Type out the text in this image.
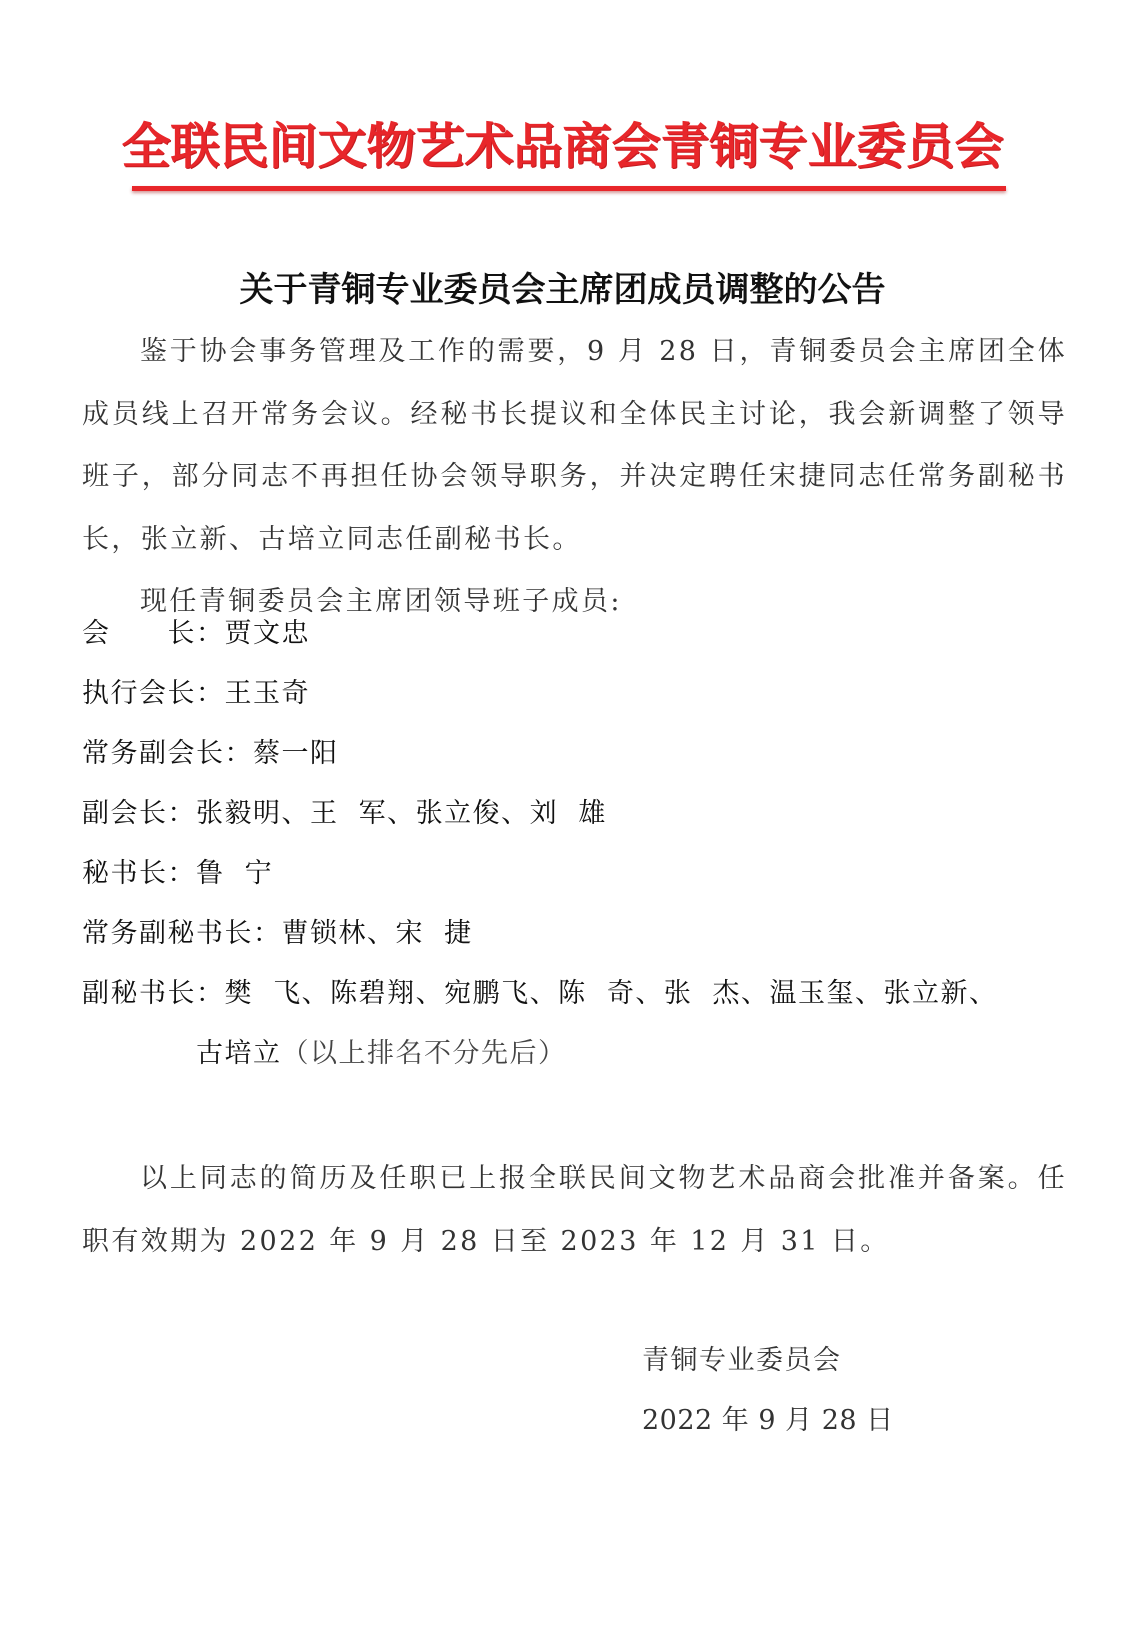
全联民间文物艺术品商会青铜专业委员会
关于青铜专业委员会主席团成员调整的公告
鉴于协会事务管理及工作的需要，9 月 28 日，青铜委员会主席团全体成员线上召开常务会议。经秘书长提议和全体民主讨论，我会新调整了领导班子，部分同志不再担任协会领导职务，并决定聘任宋捷同志任常务副秘书长，张立新、古培立同志任副秘书长。
现任青铜委员会主席团领导班子成员:
会　　长：贾文忠
执行会长：王玉奇
常务副会长：蔡一阳
副会长：张毅明、王  军、张立俊、刘  雄
秘书长：鲁  宁
常务副秘书长：曹锁林、宋  捷
副秘书长：樊  飞、陈碧翔、宛鹏飞、陈  奇、张  杰、温玉玺、张立新、
古培立（以上排名不分先后）
以上同志的简历及任职已上报全联民间文物艺术品商会批准并备案。任职有效期为 2022 年 9 月 28 日至 2023 年 12 月 31 日。
青铜专业委员会
2022 年 9 月 28 日
